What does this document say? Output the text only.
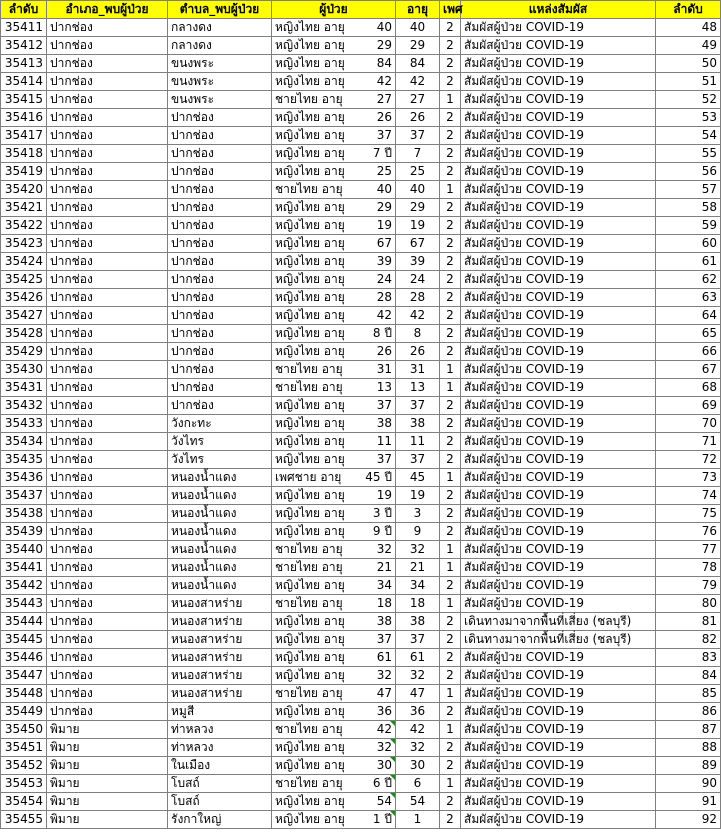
ลำดับ	อำเภอ_พบผู้ป่วย	ตำบล_พบผู้ป่วย	ผู้ป่วย	อายุ	เพศ	แหล่งสัมผัส	ลำดับ
35411	ปากช่อง	กลางดง	หญิงไทย อายุ 40	40	2	สัมผัสผู้ป่วย COVID-19	48
35412	ปากช่อง	กลางดง	หญิงไทย อายุ 29	29	2	สัมผัสผู้ป่วย COVID-19	49
35413	ปากช่อง	ขนงพระ	หญิงไทย อายุ 84	84	2	สัมผัสผู้ป่วย COVID-19	50
35414	ปากช่อง	ขนงพระ	หญิงไทย อายุ 42	42	2	สัมผัสผู้ป่วย COVID-19	51
35415	ปากช่อง	ขนงพระ	ชายไทย อายุ 27	27	1	สัมผัสผู้ป่วย COVID-19	52
35416	ปากช่อง	ปากช่อง	หญิงไทย อายุ 26	26	2	สัมผัสผู้ป่วย COVID-19	53
35417	ปากช่อง	ปากช่อง	หญิงไทย อายุ 37	37	2	สัมผัสผู้ป่วย COVID-19	54
35418	ปากช่อง	ปากช่อง	หญิงไทย อายุ 7 ปี	7	2	สัมผัสผู้ป่วย COVID-19	55
35419	ปากช่อง	ปากช่อง	หญิงไทย อายุ 25	25	2	สัมผัสผู้ป่วย COVID-19	56
35420	ปากช่อง	ปากช่อง	ชายไทย อายุ 40	40	1	สัมผัสผู้ป่วย COVID-19	57
35421	ปากช่อง	ปากช่อง	หญิงไทย อายุ 29	29	2	สัมผัสผู้ป่วย COVID-19	58
35422	ปากช่อง	ปากช่อง	หญิงไทย อายุ 19	19	2	สัมผัสผู้ป่วย COVID-19	59
35423	ปากช่อง	ปากช่อง	หญิงไทย อายุ 67	67	2	สัมผัสผู้ป่วย COVID-19	60
35424	ปากช่อง	ปากช่อง	หญิงไทย อายุ 39	39	2	สัมผัสผู้ป่วย COVID-19	61
35425	ปากช่อง	ปากช่อง	หญิงไทย อายุ 24	24	2	สัมผัสผู้ป่วย COVID-19	62
35426	ปากช่อง	ปากช่อง	หญิงไทย อายุ 28	28	2	สัมผัสผู้ป่วย COVID-19	63
35427	ปากช่อง	ปากช่อง	หญิงไทย อายุ 42	42	2	สัมผัสผู้ป่วย COVID-19	64
35428	ปากช่อง	ปากช่อง	หญิงไทย อายุ 8 ปี	8	2	สัมผัสผู้ป่วย COVID-19	65
35429	ปากช่อง	ปากช่อง	หญิงไทย อายุ 26	26	2	สัมผัสผู้ป่วย COVID-19	66
35430	ปากช่อง	ปากช่อง	ชายไทย อายุ 31	31	1	สัมผัสผู้ป่วย COVID-19	67
35431	ปากช่อง	ปากช่อง	ชายไทย อายุ 13	13	1	สัมผัสผู้ป่วย COVID-19	68
35432	ปากช่อง	ปากช่อง	หญิงไทย อายุ 37	37	2	สัมผัสผู้ป่วย COVID-19	69
35433	ปากช่อง	วังกะทะ	หญิงไทย อายุ 38	38	2	สัมผัสผู้ป่วย COVID-19	70
35434	ปากช่อง	วังไทร	หญิงไทย อายุ 11	11	2	สัมผัสผู้ป่วย COVID-19	71
35435	ปากช่อง	วังไทร	หญิงไทย อายุ 37	37	2	สัมผัสผู้ป่วย COVID-19	72
35436	ปากช่อง	หนองน้ำแดง	เพศชาย อายุ 45 ปี	45	1	สัมผัสผู้ป่วย COVID-19	73
35437	ปากช่อง	หนองน้ำแดง	หญิงไทย อายุ 19	19	2	สัมผัสผู้ป่วย COVID-19	74
35438	ปากช่อง	หนองน้ำแดง	หญิงไทย อายุ 3 ปี	3	2	สัมผัสผู้ป่วย COVID-19	75
35439	ปากช่อง	หนองน้ำแดง	หญิงไทย อายุ 9 ปี	9	2	สัมผัสผู้ป่วย COVID-19	76
35440	ปากช่อง	หนองน้ำแดง	ชายไทย อายุ 32	32	1	สัมผัสผู้ป่วย COVID-19	77
35441	ปากช่อง	หนองน้ำแดง	ชายไทย อายุ 21	21	1	สัมผัสผู้ป่วย COVID-19	78
35442	ปากช่อง	หนองน้ำแดง	หญิงไทย อายุ 34	34	2	สัมผัสผู้ป่วย COVID-19	79
35443	ปากช่อง	หนองสาหร่าย	ชายไทย อายุ 18	18	1	สัมผัสผู้ป่วย COVID-19	80
35444	ปากช่อง	หนองสาหร่าย	หญิงไทย อายุ 38	38	2	เดินทางมาจากพื้นที่เสี่ยง (ชลบุรี)	81
35445	ปากช่อง	หนองสาหร่าย	หญิงไทย อายุ 37	37	2	เดินทางมาจากพื้นที่เสี่ยง (ชลบุรี)	82
35446	ปากช่อง	หนองสาหร่าย	หญิงไทย อายุ 61	61	2	สัมผัสผู้ป่วย COVID-19	83
35447	ปากช่อง	หนองสาหร่าย	หญิงไทย อายุ 32	32	2	สัมผัสผู้ป่วย COVID-19	84
35448	ปากช่อง	หนองสาหร่าย	ชายไทย อายุ 47	47	1	สัมผัสผู้ป่วย COVID-19	85
35449	ปากช่อง	หมูสี	หญิงไทย อายุ 36	36	2	สัมผัสผู้ป่วย COVID-19	86
35450	พิมาย	ท่าหลวง	ชายไทย อายุ 42	42	1	สัมผัสผู้ป่วย COVID-19	87
35451	พิมาย	ท่าหลวง	หญิงไทย อายุ 32	32	2	สัมผัสผู้ป่วย COVID-19	88
35452	พิมาย	ในเมือง	หญิงไทย อายุ 30	30	2	สัมผัสผู้ป่วย COVID-19	89
35453	พิมาย	โบสถ์	ชายไทย อายุ 6 ปี	6	1	สัมผัสผู้ป่วย COVID-19	90
35454	พิมาย	โบสถ์	หญิงไทย อายุ 54	54	2	สัมผัสผู้ป่วย COVID-19	91
35455	พิมาย	รังกาใหญ่	หญิงไทย อายุ 1 ปี	1	2	สัมผัสผู้ป่วย COVID-19	92
